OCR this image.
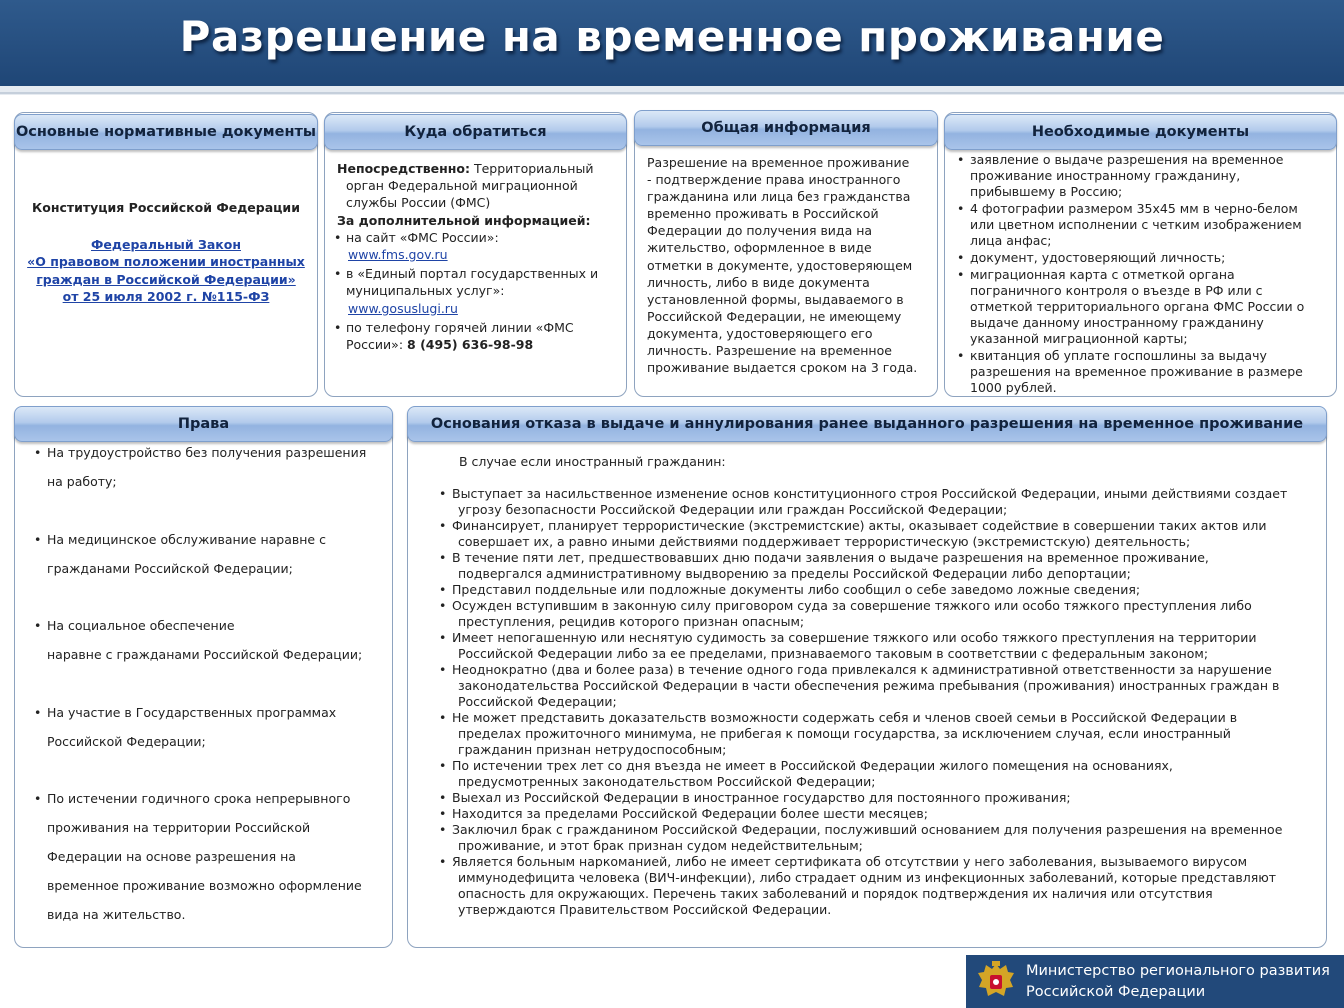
Разрешение на временное проживание
Основные нормативные документы
Конституция Российской Федерации
Федеральный Закон
«О правовом положении иностранных
граждан в Российской Федерации»
от 25 июля 2002 г. №115-ФЗ
Куда обратиться

Непосредственно: Территориальный

орган Федеральной миграционной

службы России (ФМС)

За дополнительной информацией:

• на сайт «ФМС России»:
www.fms.gov.ru
• в «Единый портал государственных и
муниципальных услуг»:
www.gosuslugi.ru
• по телефону горячей линии «ФМС
России»: 8 (495) 636-98-98
Общая информация
Разрешение на временное проживание
- подтверждение права иностранного
гражданина или лица без гражданства
временно проживать в Российской
Федерации до получения вида на
жительство, оформленное в виде
отметки в документе, удостоверяющем
личность, либо в виде документа
установленной формы, выдаваемого в
Российской Федерации, не имеющему
документа, удостоверяющего его
личность. Разрешение на временное
проживание выдается сроком на 3 года.
Необходимые документы
• заявление о выдаче разрешения на временное
проживание иностранному гражданину,
прибывшему в Россию;
• 4 фотографии размером 35х45 мм в черно-белом
или цветном исполнении с четким изображением
лица анфас;
• документ, удостоверяющий личность;
• миграционная карта с отметкой органа
пограничного контроля о въезде в РФ или с
отметкой территориального органа ФМС России о
выдаче данному иностранному гражданину
указанной миграционной карты;
• квитанция об уплате госпошлины за выдачу
разрешения на временное проживание в размере
1000 рублей.
Права
• На трудоустройство без получения разрешения
на работу;
• На медицинское обслуживание наравне с
гражданами Российской Федерации;
• На социальное обеспечение
наравне с гражданами Российской Федерации;
• На участие в Государственных программах
Российской Федерации;
• По истечении годичного срока непрерывного
проживания на территории Российской
Федерации на основе разрешения на
временное проживание возможно оформление
вида на жительство.
Основания отказа в выдаче и аннулирования ранее выданного разрешения на временное проживание
В случае если иностранный гражданин:
• Выступает за насильственное изменение основ конституционного строя Российской Федерации, иными действиями создает
угрозу безопасности Российской Федерации или граждан Российской Федерации;
• Финансирует, планирует террористические (экстремистские) акты, оказывает содействие в совершении таких актов или
совершает их, а равно иными действиями поддерживает террористическую (экстремистскую) деятельность;
• В течение пяти лет, предшествовавших дню подачи заявления о выдаче разрешения на временное проживание,
подвергался административному выдворению за пределы Российской Федерации либо депортации;
• Представил поддельные или подложные документы либо сообщил о себе заведомо ложные сведения;
• Осужден вступившим в законную силу приговором суда за совершение тяжкого или особо тяжкого преступления либо
преступления, рецидив которого признан опасным;
• Имеет непогашенную или неснятую судимость за совершение тяжкого или особо тяжкого преступления на территории
Российской Федерации либо за ее пределами, признаваемого таковым в соответствии с федеральным законом;
• Неоднократно (два и более раза) в течение одного года привлекался к административной ответственности за нарушение
законодательства Российской Федерации в части обеспечения режима пребывания (проживания) иностранных граждан в
Российской Федерации;
• Не может представить доказательств возможности содержать себя и членов своей семьи в Российской Федерации в
пределах прожиточного минимума, не прибегая к помощи государства, за исключением случая, если иностранный
гражданин признан нетрудоспособным;
• По истечении трех лет со дня въезда не имеет в Российской Федерации жилого помещения на основаниях,
предусмотренных законодательством Российской Федерации;
• Выехал из Российской Федерации в иностранное государство для постоянного проживания;
• Находится за пределами Российской Федерации более шести месяцев;
• Заключил брак с гражданином Российской Федерации, послуживший основанием для получения разрешения на временное
проживание, и этот брак признан судом недействительным;
• Является больным наркоманией, либо не имеет сертификата об отсутствии у него заболевания, вызываемого вирусом
иммунодефицита человека (ВИЧ-инфекции), либо страдает одним из инфекционных заболеваний, которые представляют
опасность для окружающих. Перечень таких заболеваний и порядок подтверждения их наличия или отсутствия
утверждаются Правительством Российской Федерации.
Министерство регионального развития
Российской Федерации
